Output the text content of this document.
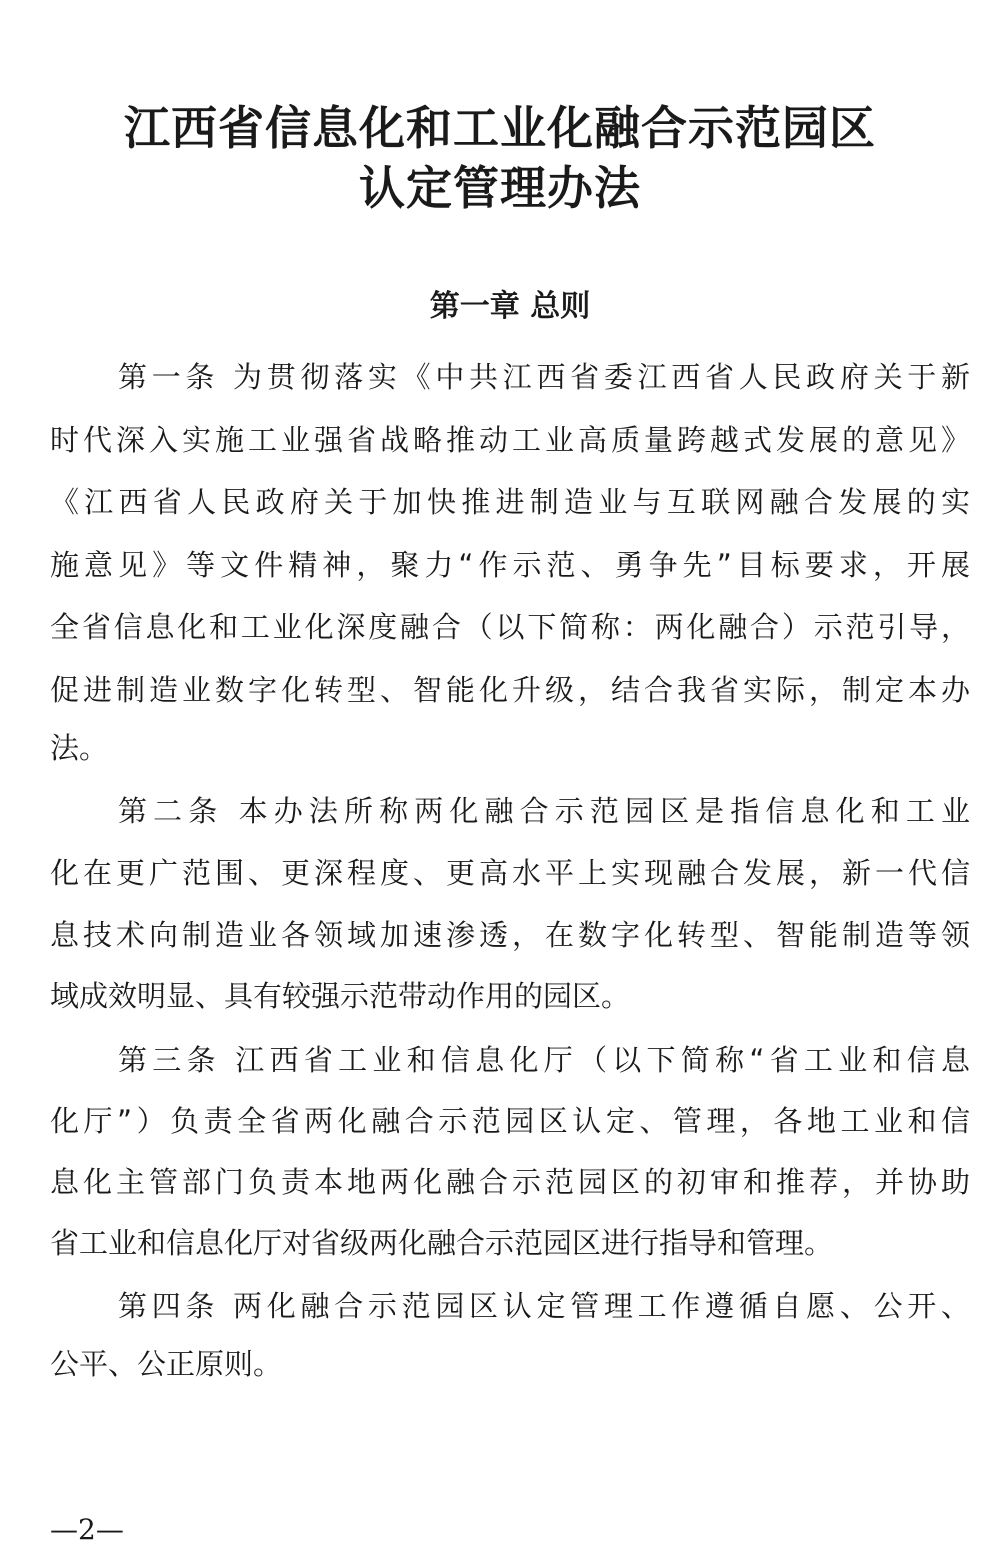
江西省信息化和工业化融合示范园区
认定管理办法
第一章 总则
第一条 为贯彻落实《中共江西省委江西省人民政府关于新
时代深入实施工业强省战略推动工业高质量跨越式发展的意见》
《江西省人民政府关于加快推进制造业与互联网融合发展的实
施意见》等文件精神，聚力“作示范、勇争先”目标要求，开展
全省信息化和工业化深度融合（以下简称：两化融合）示范引导，
促进制造业数字化转型、智能化升级，结合我省实际，制定本办
法。
第二条 本办法所称两化融合示范园区是指信息化和工业
化在更广范围、更深程度、更高水平上实现融合发展，新一代信
息技术向制造业各领域加速渗透，在数字化转型、智能制造等领
域成效明显、具有较强示范带动作用的园区。
第三条 江西省工业和信息化厅（以下简称“省工业和信息
化厅”）负责全省两化融合示范园区认定、管理，各地工业和信
息化主管部门负责本地两化融合示范园区的初审和推荐，并协助
省工业和信息化厅对省级两化融合示范园区进行指导和管理。
第四条 两化融合示范园区认定管理工作遵循自愿、公开、
公平、公正原则。
—2—
